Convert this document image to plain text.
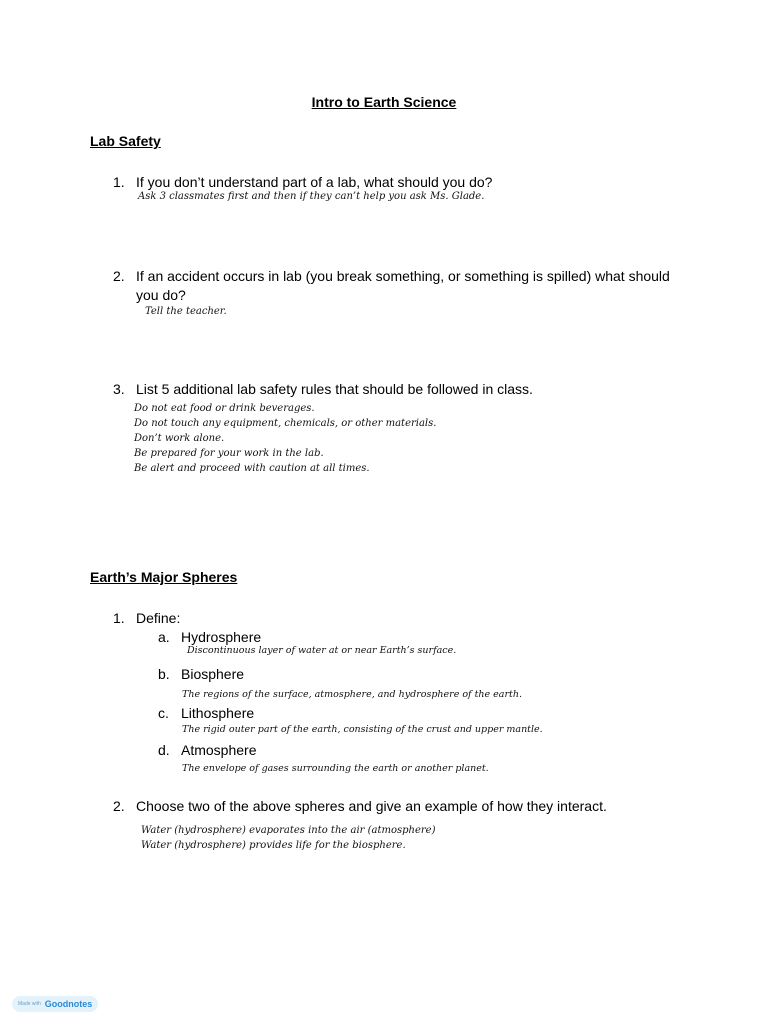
Intro to Earth Science
Lab Safety
1. If you don’t understand part of a lab, what should you do?
Ask 3 classmates first and then if they can’t help you ask Ms. Glade.
2. If an accident occurs in lab (you break something, or something is spilled) what should
you do?
Tell the teacher.
3. List 5 additional lab safety rules that should be followed in class.
Do not eat food or drink beverages.
Do not touch any equipment, chemicals, or other materials.
Don’t work alone.
Be prepared for your work in the lab.
Be alert and proceed with caution at all times.
Earth’s Major Spheres
1. Define:
a. Hydrosphere
Discontinuous layer of water at or near Earth’s surface.
b. Biosphere
The regions of the surface, atmosphere, and hydrosphere of the earth.
c. Lithosphere
The rigid outer part of the earth, consisting of the crust and upper mantle.
d. Atmosphere
The envelope of gases surrounding the earth or another planet.
2. Choose two of the above spheres and give an example of how they interact.
Water (hydrosphere) evaporates into the air (atmosphere)
Water (hydrosphere) provides life for the biosphere.
Made with Goodnotes
